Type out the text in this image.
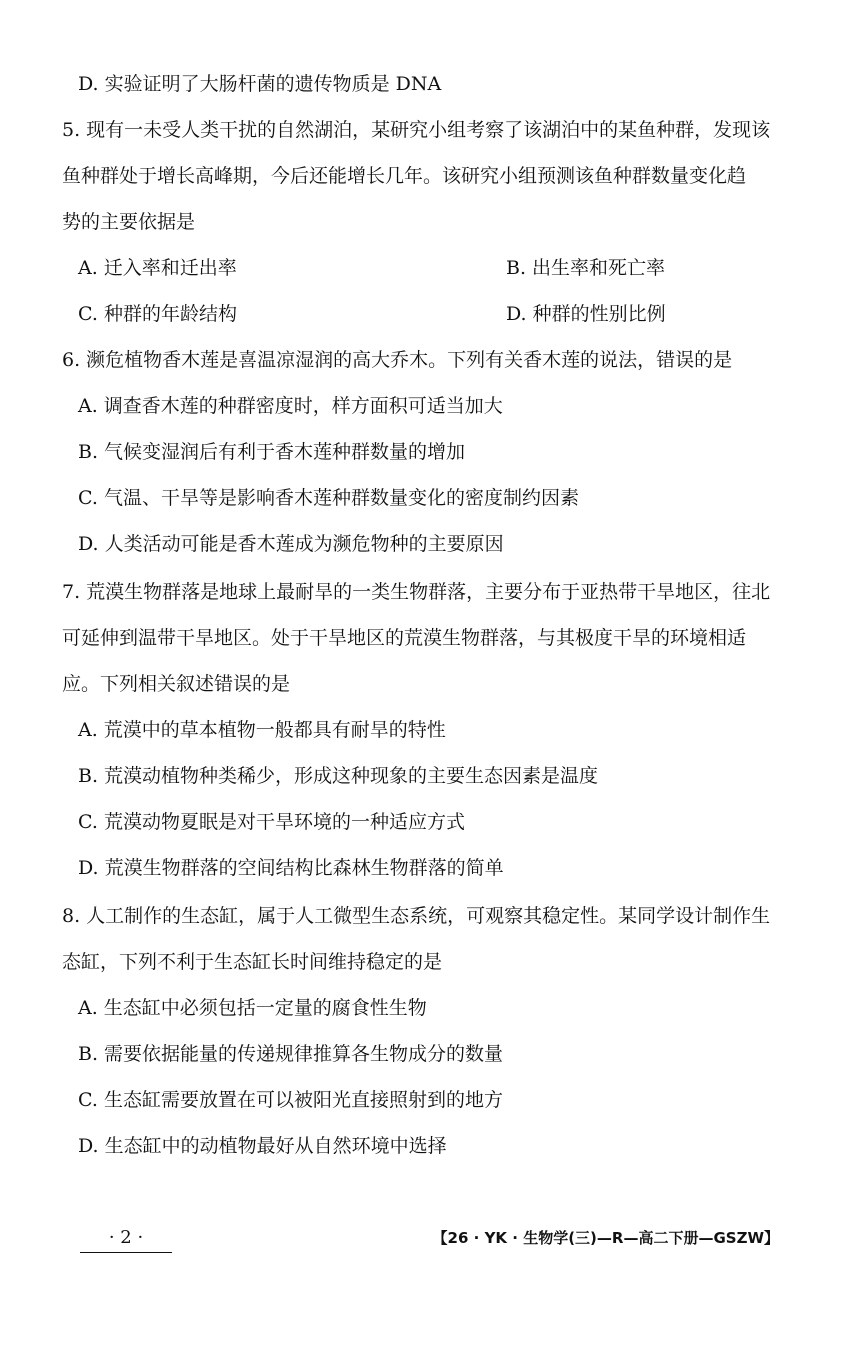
D. 实验证明了大肠杆菌的遗传物质是 DNA
5. 现有一未受人类干扰的自然湖泊，某研究小组考察了该湖泊中的某鱼种群，发现该
鱼种群处于增长高峰期，今后还能增长几年。该研究小组预测该鱼种群数量变化趋
势的主要依据是
A. 迁入率和迁出率	B. 出生率和死亡率
C. 种群的年龄结构	D. 种群的性别比例
6. 濒危植物香木莲是喜温凉湿润的高大乔木。下列有关香木莲的说法，错误的是
A. 调查香木莲的种群密度时，样方面积可适当加大
B. 气候变湿润后有利于香木莲种群数量的增加
C. 气温、干旱等是影响香木莲种群数量变化的密度制约因素
D. 人类活动可能是香木莲成为濒危物种的主要原因
7. 荒漠生物群落是地球上最耐旱的一类生物群落，主要分布于亚热带干旱地区，往北
可延伸到温带干旱地区。处于干旱地区的荒漠生物群落，与其极度干旱的环境相适
应。下列相关叙述错误的是
A. 荒漠中的草本植物一般都具有耐旱的特性
B. 荒漠动植物种类稀少，形成这种现象的主要生态因素是温度
C. 荒漠动物夏眠是对干旱环境的一种适应方式
D. 荒漠生物群落的空间结构比森林生物群落的简单
8. 人工制作的生态缸，属于人工微型生态系统，可观察其稳定性。某同学设计制作生
态缸，下列不利于生态缸长时间维持稳定的是
A. 生态缸中必须包括一定量的腐食性生物
B. 需要依据能量的传递规律推算各生物成分的数量
C. 生态缸需要放置在可以被阳光直接照射到的地方
D. 生态缸中的动植物最好从自然环境中选择
· 2 ·	【26 · YK · 生物学(三)—R—高二下册—GSZW】
